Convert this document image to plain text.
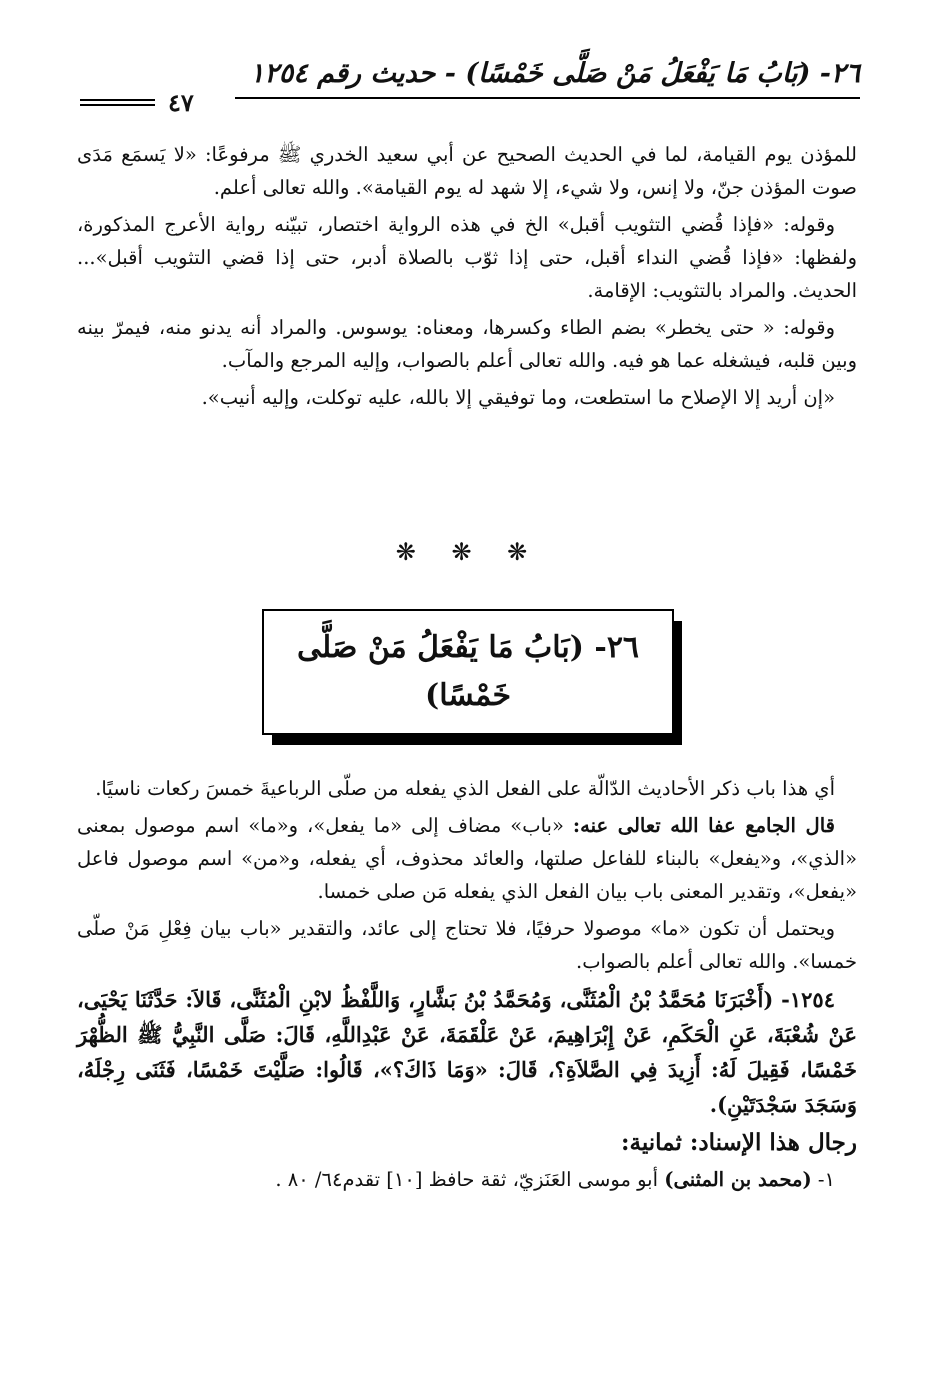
٢٦- (بَابُ مَا يَفْعَلُ مَنْ صَلَّى خَمْسًا) - حديث رقم ١٢٥٤
٤٧

للمؤذن يوم القيامة، لما في الحديث الصحيح عن أبي سعيد الخدري ﷺ مرفوعًا: «لا يَسمَع مَدَى صوت المؤذن جنّ، ولا إنس، ولا شيء، إلا شهد له يوم القيامة». والله تعالى أعلم.

وقوله: «فإذا قُضي التثويب أقبل» الخ في هذه الرواية اختصار، تبيّنه رواية الأعرج المذكورة، ولفظها: «فإذا قُضي النداء أقبل، حتى إذا ثوّب بالصلاة أدبر، حتى إذا قضي التثويب أقبل»... الحديث. والمراد بالتثويب: الإقامة.

وقوله: « حتى يخطر» بضم الطاء وكسرها، ومعناه: يوسوس. والمراد أنه يدنو منه، فيمرّ بينه وبين قلبه، فيشغله عما هو فيه. والله تعالى أعلم بالصواب، وإليه المرجع والمآب.

«إن أريد إلا الإصلاح ما استطعت، وما توفيقي إلا بالله، عليه توكلت، وإليه أنيب».

❋ ❋ ❋
٢٦- (بَابُ مَا يَفْعَلُ مَنْ صَلَّى
خَمْسًا)

أي هذا باب ذكر الأحاديث الدّالّة على الفعل الذي يفعله من صلّى الرباعيةَ خمسَ ركعات ناسيًا.

قال الجامع عفا الله تعالى عنه: «باب» مضاف إلى «ما يفعل»، و«ما» اسم موصول بمعنى «الذي»، و«يفعل» بالبناء للفاعل صلتها، والعائد محذوف، أي يفعله، و«من» اسم موصول فاعل «يفعل»، وتقدير المعنى باب بيان الفعل الذي يفعله مَن صلى خمسا.

ويحتمل أن تكون «ما» موصولا حرفيًا، فلا تحتاج إلى عائد، والتقدير «باب بيان فِعْلِ مَنْ صلّى خمسا». والله تعالى أعلم بالصواب.

١٢٥٤- (أَخْبَرَنَا مُحَمَّدُ بْنُ الْمُثَنَّى، وَمُحَمَّدُ بْنُ بَشَّارٍ، وَاللَّفْظُ لابْنِ الْمُثَنَّى، قَالاَ: حَدَّثَنَا يَحْيَى، عَنْ شُعْبَةَ، عَنِ الْحَكَمِ، عَنْ إِبْرَاهِيمَ، عَنْ عَلْقَمَةَ، عَنْ عَبْدِاللَّهِ، قَالَ: صَلَّى النَّبِيُّ ﷺ الظُّهْرَ خَمْسًا، فَقِيلَ لَهُ: أَزِيدَ فِي الصَّلاَةِ؟، قَالَ: «وَمَا ذَاكَ؟»، قَالُوا: صَلَّيْتَ خَمْسًا، فَثَنَى رِجْلَهُ، وَسَجَدَ سَجْدَتَيْنِ).

رجال هذا الإسناد: ثمانية:

١- (محمد بن المثنى) أبو موسى العَنَزيّ، ثقة حافظ [١٠] تقدم٦٤/ ٨٠ .
